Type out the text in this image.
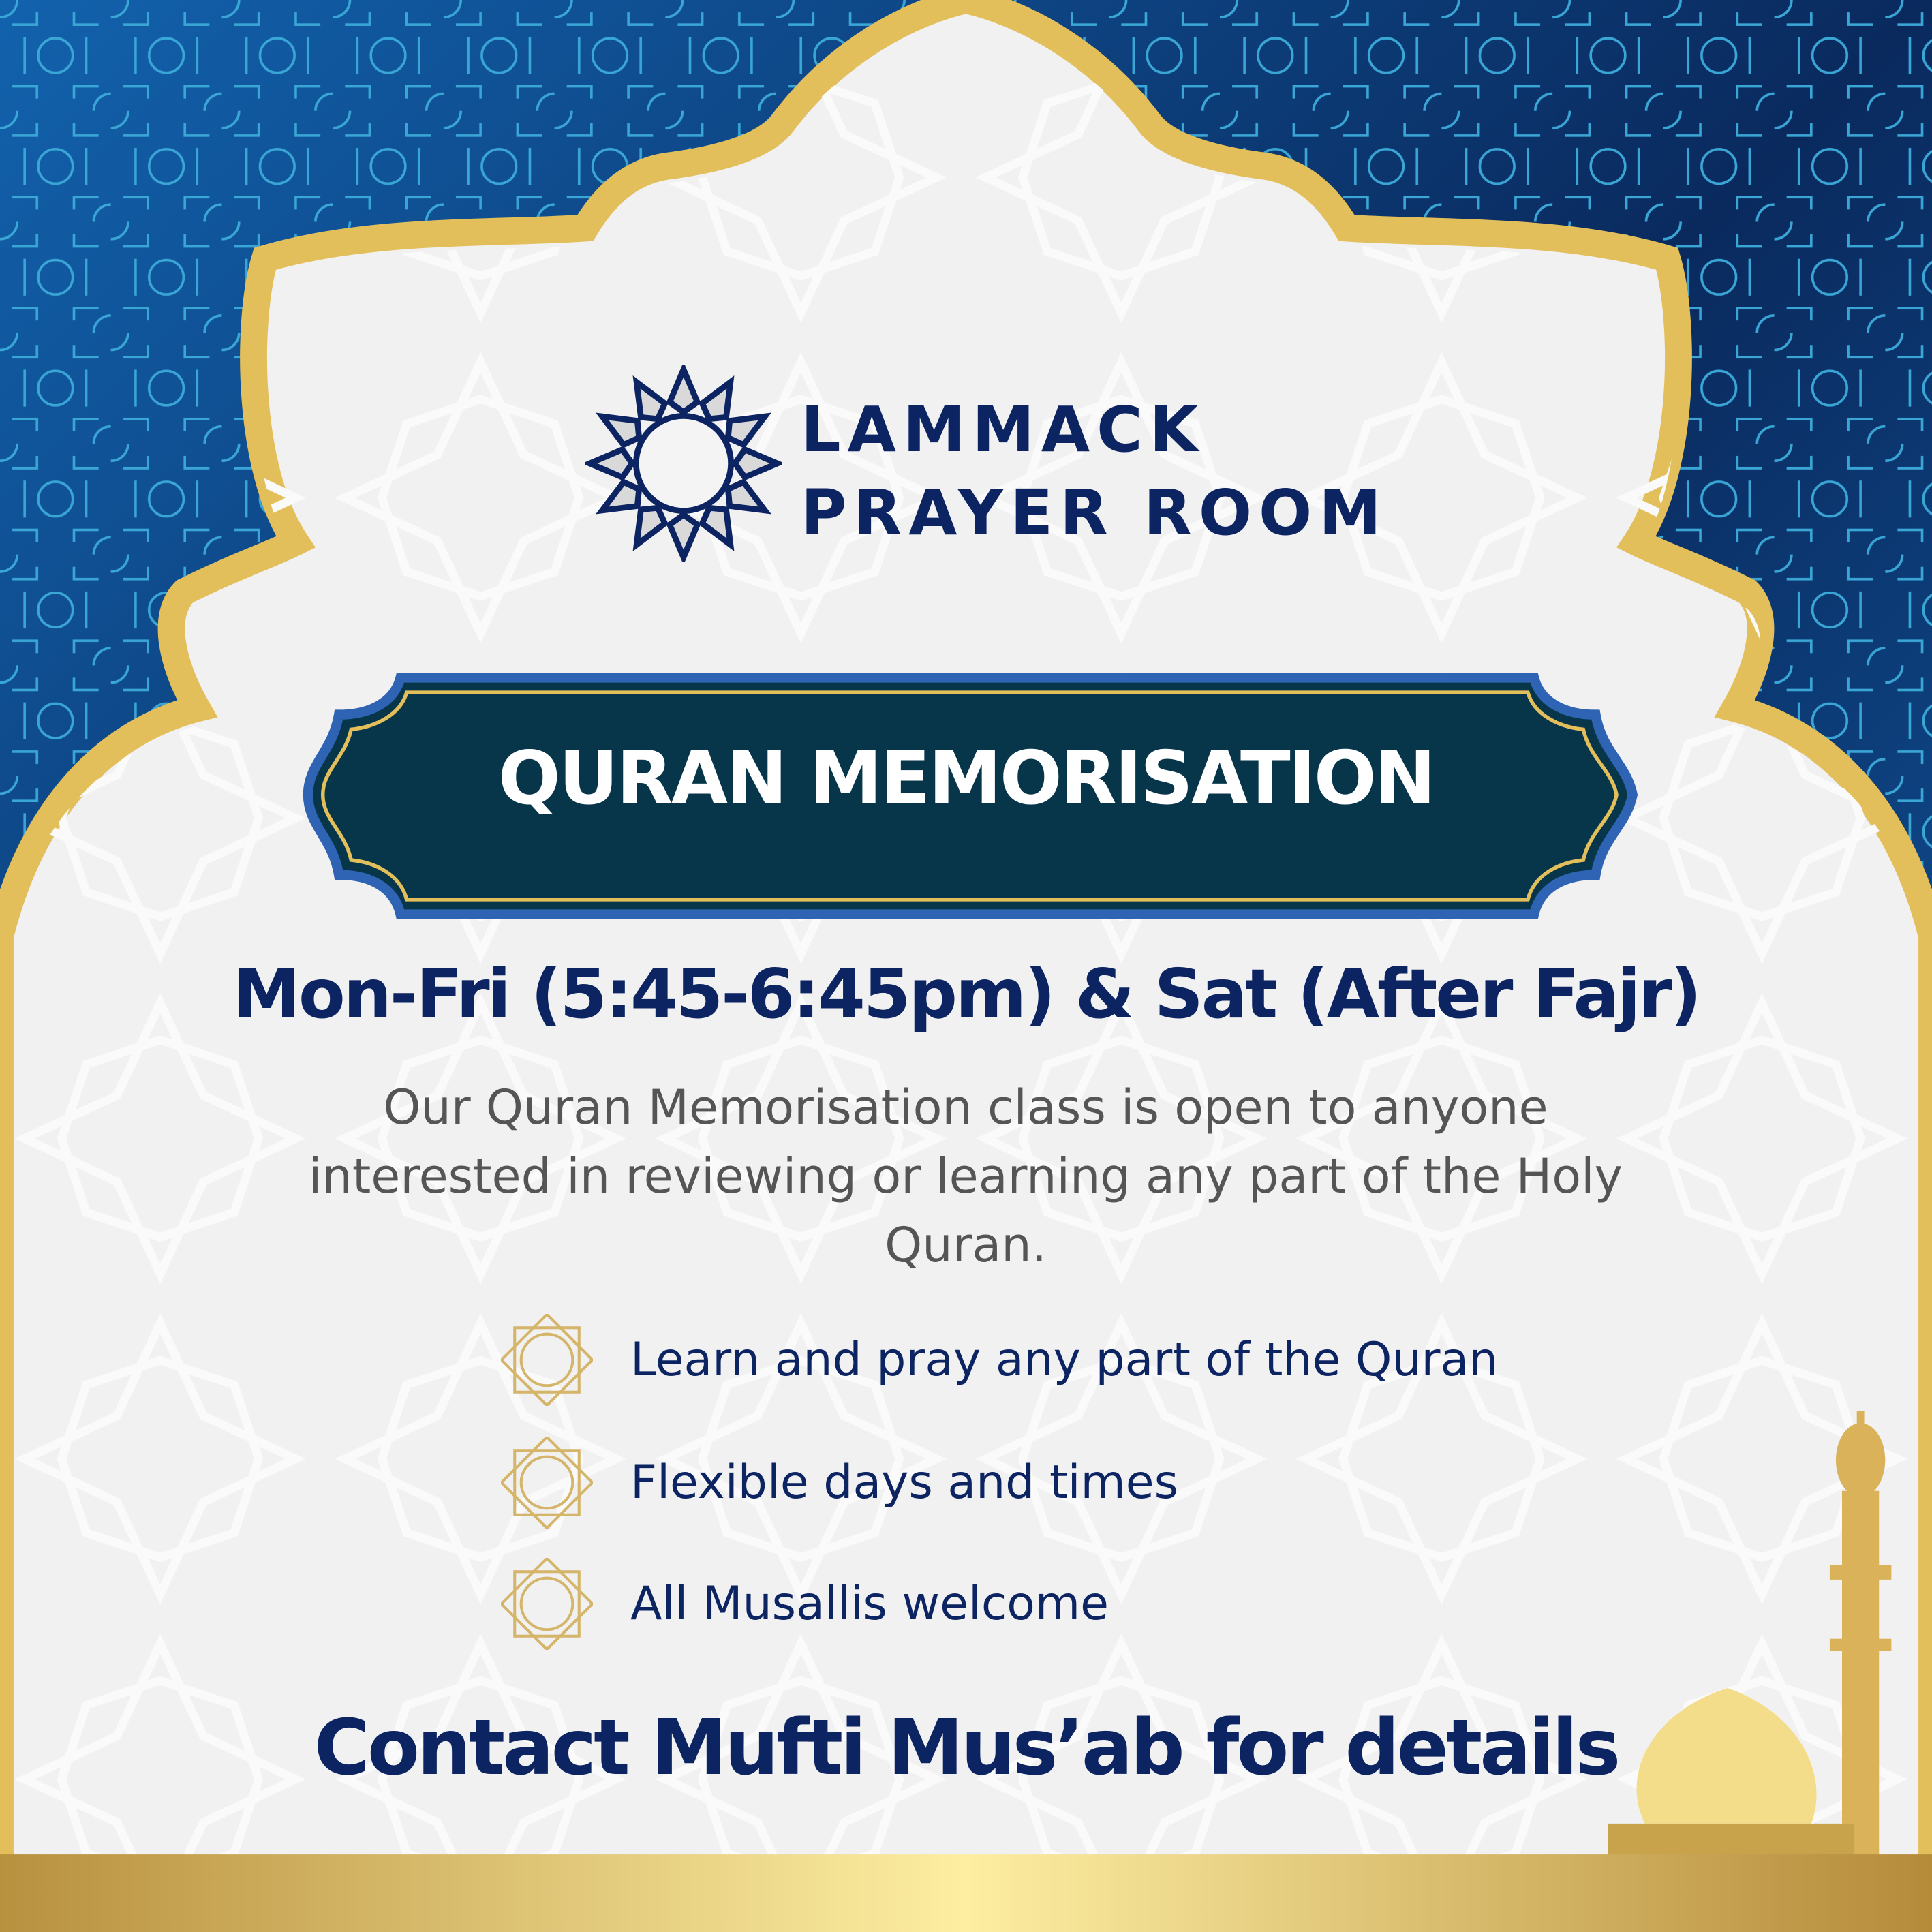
LAMMACK
PRAYER ROOM
QURAN MEMORISATION
Mon-Fri (5:45-6:45pm) & Sat (After Fajr)
Our Quran Memorisation class is open to anyone interested in reviewing or learning any part of the Holy Quran.
Learn and pray any part of the Quran
Flexible days and times
All Musallis welcome
Contact Mufti Mus’ab for details
